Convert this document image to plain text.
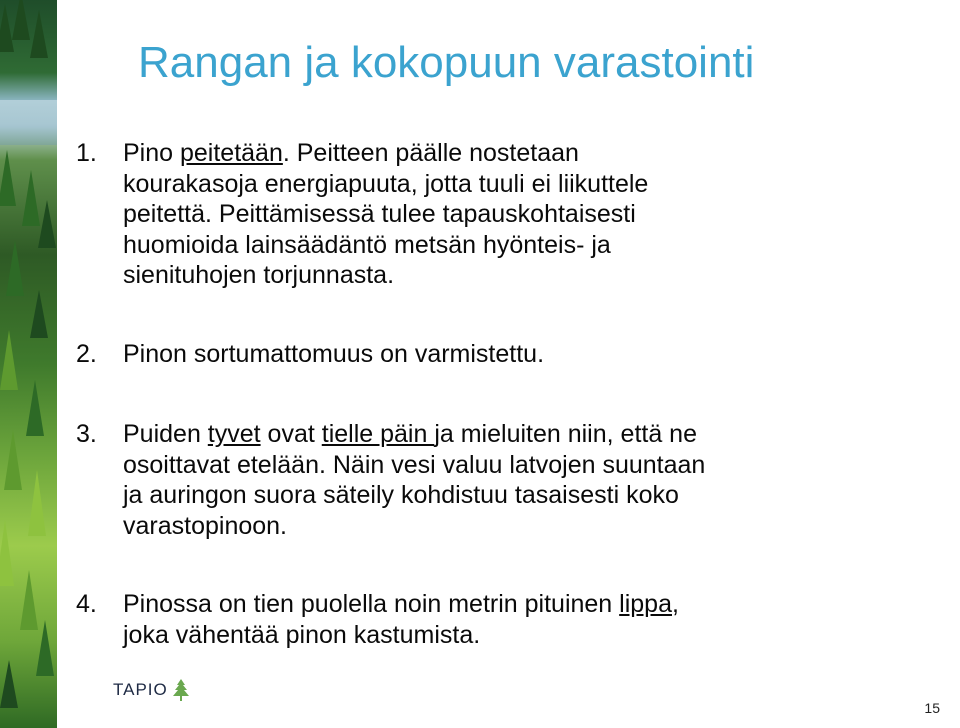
Rangan ja kokopuun varastointi
1. Pino peitetään. Peitteen päälle nostetaan
kourakasoja energiapuuta, jotta tuuli ei liikuttele
peitettä. Peittämisessä tulee tapauskohtaisesti
huomioida lainsäädäntö metsän hyönteis- ja
sienituhojen torjunnasta.
2. Pinon sortumattomuus on varmistettu.
3. Puiden tyvet ovat tielle päin ja mieluiten niin, että ne
osoittavat etelään. Näin vesi valuu latvojen suuntaan
ja auringon suora säteily kohdistuu tasaisesti koko
varastopinoon.
4. Pinossa on tien puolella noin metrin pituinen lippa,
joka vähentää pinon kastumista.
TAPIO
15
